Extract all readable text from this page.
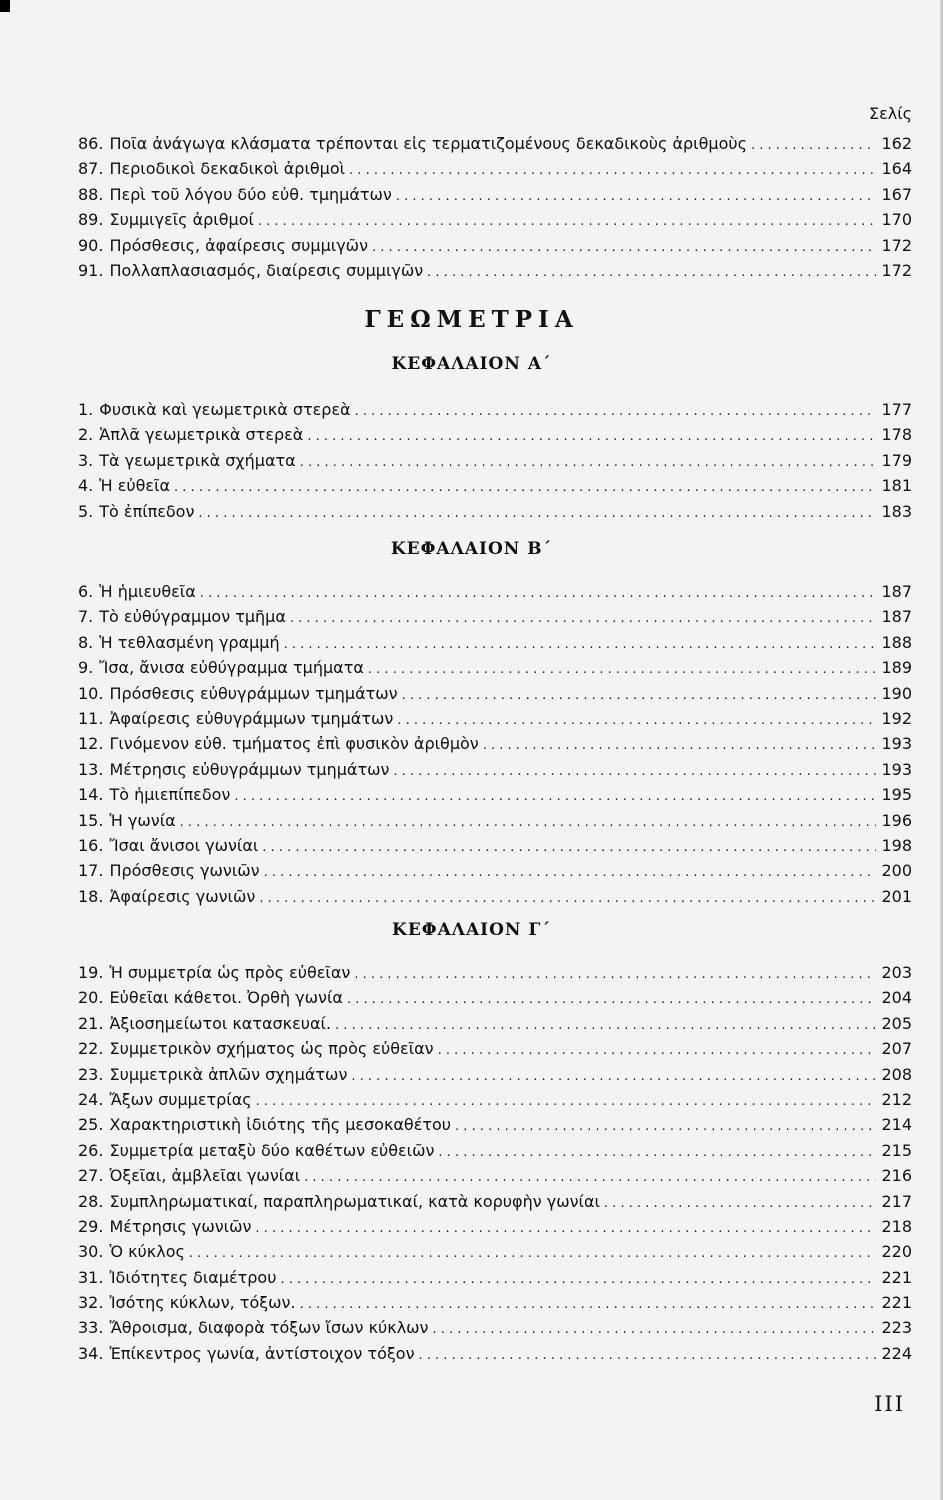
Σελίς
86. Ποῖα ἀνάγωγα κλάσματα τρέπονται εἰς τερματιζομένους δεκαδικοὺς ἀριθμοὺς . . .	162
87. Περιοδικοὶ δεκαδικοὶ ἀριθμοὶ . . .	164
88. Περὶ τοῦ λόγου δύο εὐθ. τμημάτων . . .	167
89. Συμμιγεῖς ἀριθμοί . . .	170
90. Πρόσθεσις, ἀφαίρεσις συμμιγῶν . . .	172
91. Πολλαπλασιασμός, διαίρεσις συμμιγῶν . . .	172
ΓΕΩΜΕΤΡΙΑ
ΚΕΦΑΛΑΙΟΝ Α΄
1. Φυσικὰ καὶ γεωμετρικὰ στερεὰ . . .	177
2. Ἁπλᾶ γεωμετρικὰ στερεὰ . . .	178
3. Τὰ γεωμετρικὰ σχήματα . . .	179
4. Ἡ εὐθεῖα . . .	181
5. Τὸ ἐπίπεδον . . .	183
ΚΕΦΑΛΑΙΟΝ Β΄
6. Ἡ ἡμιευθεῖα . . .	187
7. Τὸ εὐθύγραμμον τμῆμα . . .	187
8. Ἡ τεθλασμένη γραμμή . . .	188
9. Ἴσα, ἄνισα εὐθύγραμμα τμήματα . . .	189
10. Πρόσθεσις εὐθυγράμμων τμημάτων . . .	190
11. Ἀφαίρεσις εὐθυγράμμων τμημάτων . . .	192
12. Γινόμενον εὐθ. τμήματος ἐπὶ φυσικὸν ἀριθμὸν . . .	193
13. Μέτρησις εὐθυγράμμων τμημάτων . . .	193
14. Τὸ ἡμιεπίπεδον . . .	195
15. Ἡ γωνία . . .	196
16. Ἴσαι ἄνισοι γωνίαι . . .	198
17. Πρόσθεσις γωνιῶν . . .	200
18. Ἀφαίρεσις γωνιῶν . . .	201
ΚΕΦΑΛΑΙΟΝ Γ΄
19. Ἡ συμμετρία ὡς πρὸς εὐθεῖαν . . .	203
20. Εὐθεῖαι κάθετοι. Ὀρθὴ γωνία . . .	204
21. Ἀξιοσημείωτοι κατασκευαί. . . .	205
22. Συμμετρικὸν σχήματος ὡς πρὸς εὐθεῖαν . . .	207
23. Συμμετρικὰ ἁπλῶν σχημάτων . . .	208
24. Ἄξων συμμετρίας . . .	212
25. Χαρακτηριστικὴ ἰδιότης τῆς μεσοκαθέτου . . .	214
26. Συμμετρία μεταξὺ δύο καθέτων εὐθειῶν . . .	215
27. Ὀξεῖαι, ἀμβλεῖαι γωνίαι . . .	216
28. Συμπληρωματικαί, παραπληρωματικαί, κατὰ κορυφὴν γωνίαι . . .	217
29. Μέτρησις γωνιῶν . . .	218
30. Ὁ κύκλος . . .	220
31. Ἰδιότητες διαμέτρου . . .	221
32. Ἰσότης κύκλων, τόξων. . . .	221
33. Ἄθροισμα, διαφορὰ τόξων ἴσων κύκλων . . .	223
34. Ἐπίκεντρος γωνία, ἀντίστοιχον τόξον . . .	224
III
